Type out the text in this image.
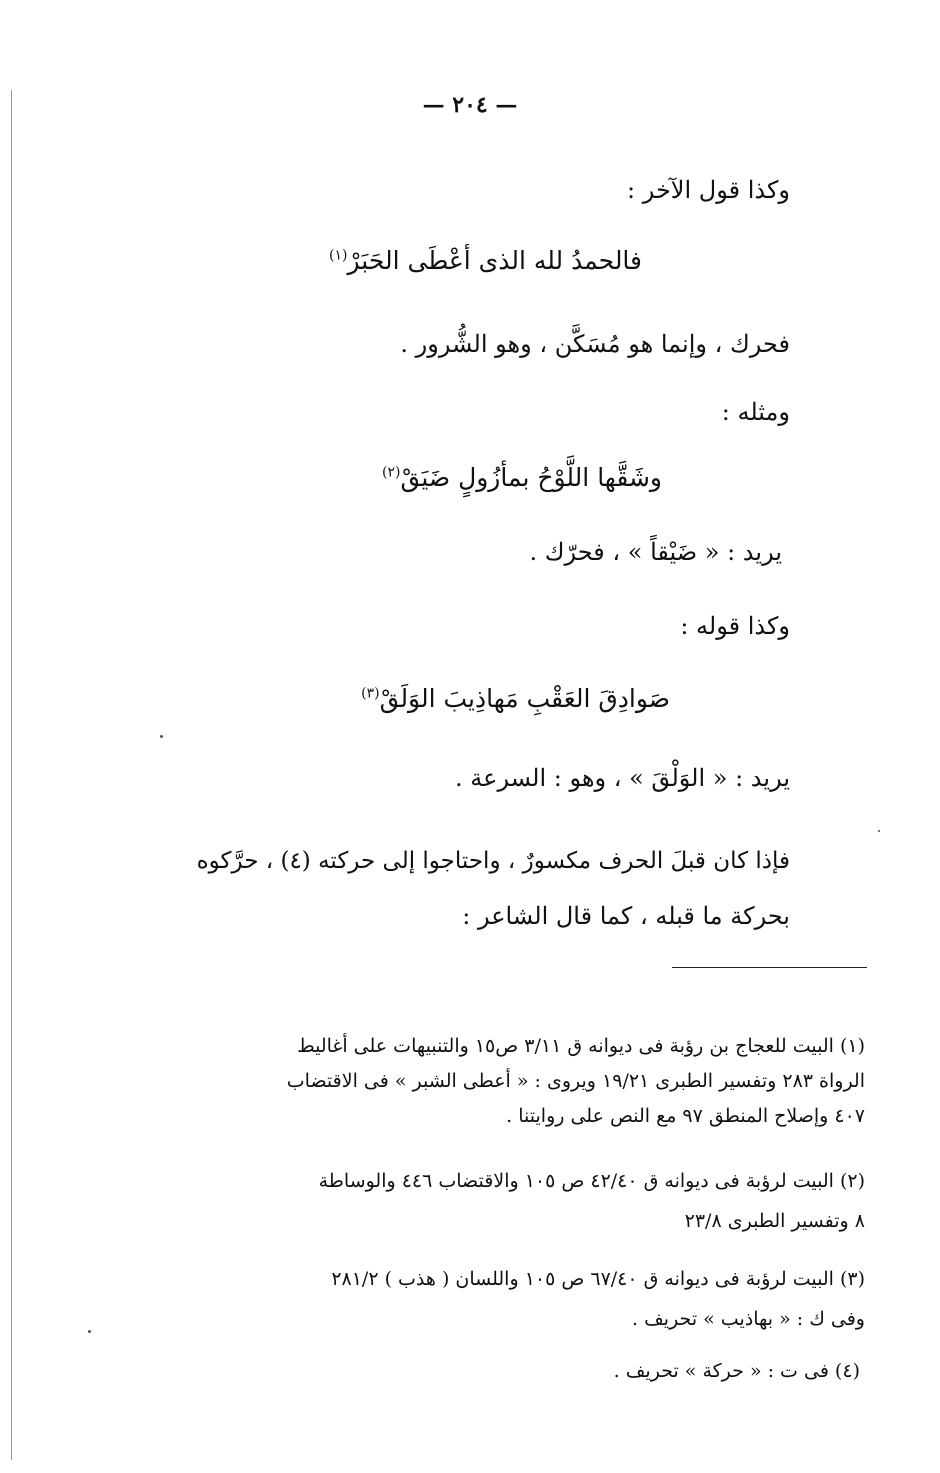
— ٢٠٤ —
وكذا قول الآخر :
فالحمدُ لله الذى أعْطَى الحَبَرْ$^{(١)}$
فحرك ، وإنما هو مُسَكَّن ، وهو الشُّرور .
ومثله :
وشَقَّها اللَّوْحُ بمأزُولٍ ضَيَقْ$^{(٢)}$
يريد : « ضَيْقاً » ، فحرّك .
وكذا قوله :
صَوادِقَ العَقْبِ مَهاذِيبَ الوَلَقْ$^{(٣)}$
يريد : « الوَلْقَ » ، وهو : السرعة .
فإذا كان قبلَ الحرف مكسورٌ ، واحتاجوا إلى حركته (٤) ، حرَّكوه
بحركة ما قبله ، كما قال الشاعر :
(١) البيت للعجاج بن رؤبة فى ديوانه ق ٣/١١ ص١٥ والتنبيهات على أغاليط
الرواة ٢٨٣ وتفسير الطبرى ١٩/٢١ ويروى : « أعطى الشبر » فى الاقتضاب
٤٠٧ وإصلاح المنطق ٩٧ مع النص على روايتنا .
(٢) البيت لرؤبة فى ديوانه ق ٤٢/٤٠ ص ١٠٥ والاقتضاب ٤٤٦ والوساطة
٨ وتفسير الطبرى ٢٣/٨
(٣) البيت لرؤبة فى ديوانه ق ٦٧/٤٠ ص ١٠٥ واللسان ( هذب ) ٢٨١/٢
وفى ك : « بهاذيب » تحريف .
(٤) فى ت : « حركة » تحريف .
